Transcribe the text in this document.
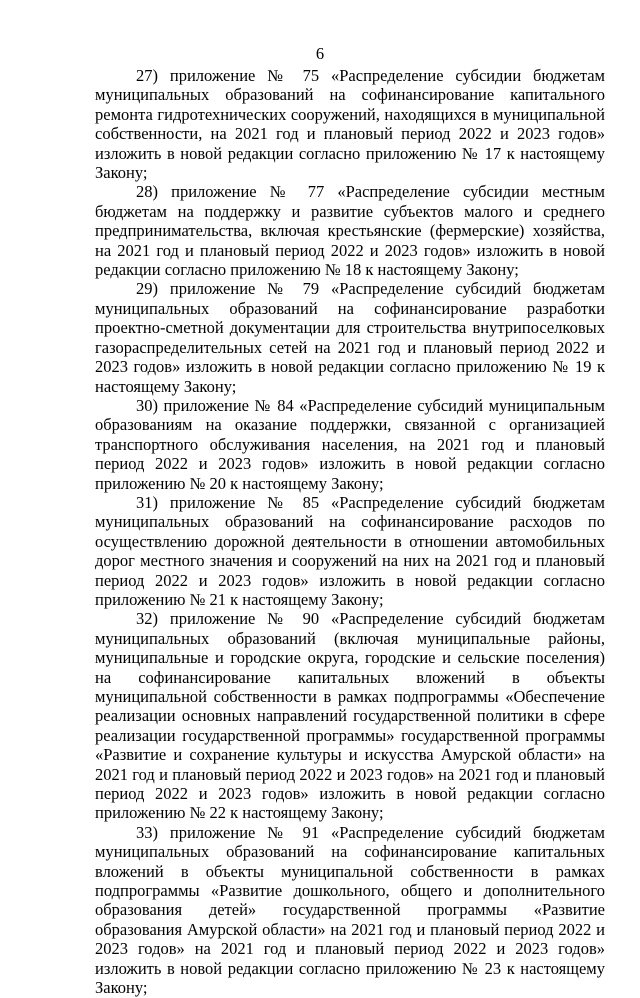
6

27) приложение № 75 «Распределение субсидии бюджетам муниципальных образований на софинансирование капитального ремонта гидротехнических сооружений, находящихся в муниципальной собственности, на 2021 год и плановый период 2022 и 2023 годов» изложить в новой редакции согласно приложению № 17 к настоящему Закону;

28) приложение № 77 «Распределение субсидии местным бюджетам на поддержку и развитие субъектов малого и среднего предпринимательства, включая крестьянские (фермерские) хозяйства, на 2021 год и плановый период 2022 и 2023 годов» изложить в новой редакции согласно приложению № 18 к настоящему Закону;

29) приложение № 79 «Распределение субсидий бюджетам муниципальных образований на софинансирование разработки проектно-сметной документации для строительства внутрипоселковых газораспределительных сетей на 2021 год и плановый период 2022 и 2023 годов» изложить в новой редакции согласно приложению № 19 к настоящему Закону;

30) приложение № 84 «Распределение субсидий муниципальным образованиям на оказание поддержки, связанной с организацией транспортного обслуживания населения, на 2021 год и плановый период 2022 и 2023 годов» изложить в новой редакции согласно приложению № 20 к настоящему Закону;

31) приложение № 85 «Распределение субсидий бюджетам муниципальных образований на софинансирование расходов по осуществлению дорожной деятельности в отношении автомобильных дорог местного значения и сооружений на них на 2021 год и плановый период 2022 и 2023 годов» изложить в новой редакции согласно приложению № 21 к настоящему Закону;

32) приложение № 90 «Распределение субсидий бюджетам муниципальных образований (включая муниципальные районы, муниципальные и городские округа, городские и сельские поселения) на софинансирование капитальных вложений в объекты муниципальной собственности в рамках подпрограммы «Обеспечение реализации основных направлений государственной политики в сфере реализации государственной программы» государственной программы «Развитие и сохранение культуры и искусства Амурской области» на 2021 год и плановый период 2022 и 2023 годов» на 2021 год и плановый период 2022 и 2023 годов» изложить в новой редакции согласно приложению № 22 к настоящему Закону;

33) приложение № 91 «Распределение субсидий бюджетам муниципальных образований на софинансирование капитальных вложений в объекты муниципальной собственности в рамках подпрограммы «Развитие дошкольного, общего и дополнительного образования детей» государственной программы «Развитие образования Амурской области» на 2021 год и плановый период 2022 и 2023 годов» на 2021 год и плановый период 2022 и 2023 годов» изложить в новой редакции согласно приложению № 23 к настоящему Закону;
